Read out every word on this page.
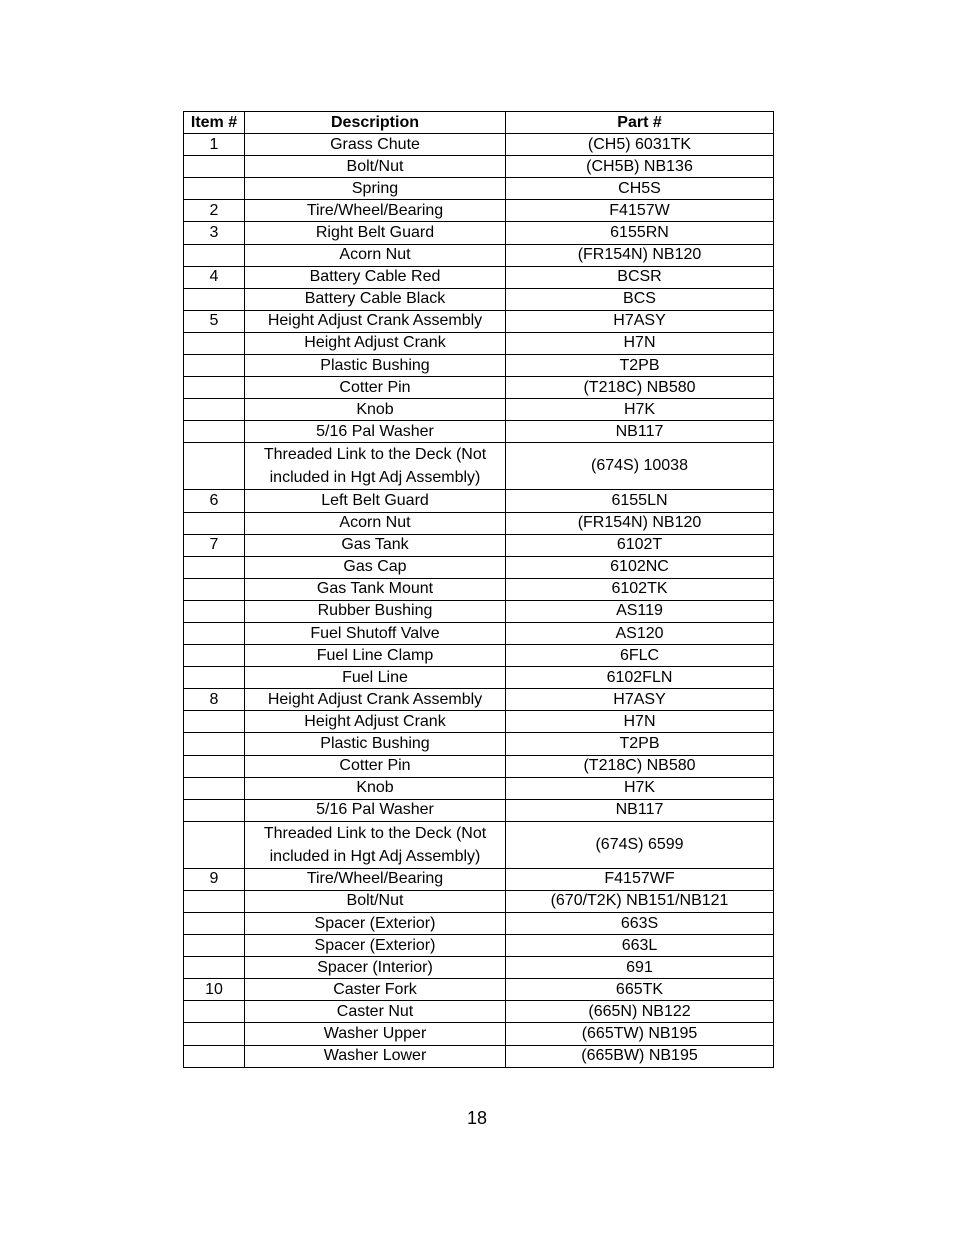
Item #	Description	Part #
1	Grass Chute	(CH5) 6031TK
	Bolt/Nut	(CH5B) NB136
	Spring	CH5S
2	Tire/Wheel/Bearing	F4157W
3	Right Belt Guard	6155RN
	Acorn Nut	(FR154N) NB120
4	Battery Cable Red	BCSR
	Battery Cable Black	BCS
5	Height Adjust Crank Assembly	H7ASY
	Height Adjust Crank	H7N
	Plastic Bushing	T2PB
	Cotter Pin	(T218C) NB580
	Knob	H7K
	5/16 Pal Washer	NB117
	Threaded Link to the Deck (Not included in Hgt Adj Assembly)	(674S) 10038
6	Left Belt Guard	6155LN
	Acorn Nut	(FR154N) NB120
7	Gas Tank	6102T
	Gas Cap	6102NC
	Gas Tank Mount	6102TK
	Rubber Bushing	AS119
	Fuel Shutoff Valve	AS120
	Fuel Line Clamp	6FLC
	Fuel Line	6102FLN
8	Height Adjust Crank Assembly	H7ASY
	Height Adjust Crank	H7N
	Plastic Bushing	T2PB
	Cotter Pin	(T218C) NB580
	Knob	H7K
	5/16 Pal Washer	NB117
	Threaded Link to the Deck (Not included in Hgt Adj Assembly)	(674S) 6599
9	Tire/Wheel/Bearing	F4157WF
	Bolt/Nut	(670/T2K) NB151/NB121
	Spacer (Exterior)	663S
	Spacer (Exterior)	663L
	Spacer (Interior)	691
10	Caster Fork	665TK
	Caster Nut	(665N) NB122
	Washer Upper	(665TW) NB195
	Washer Lower	(665BW) NB195
18
